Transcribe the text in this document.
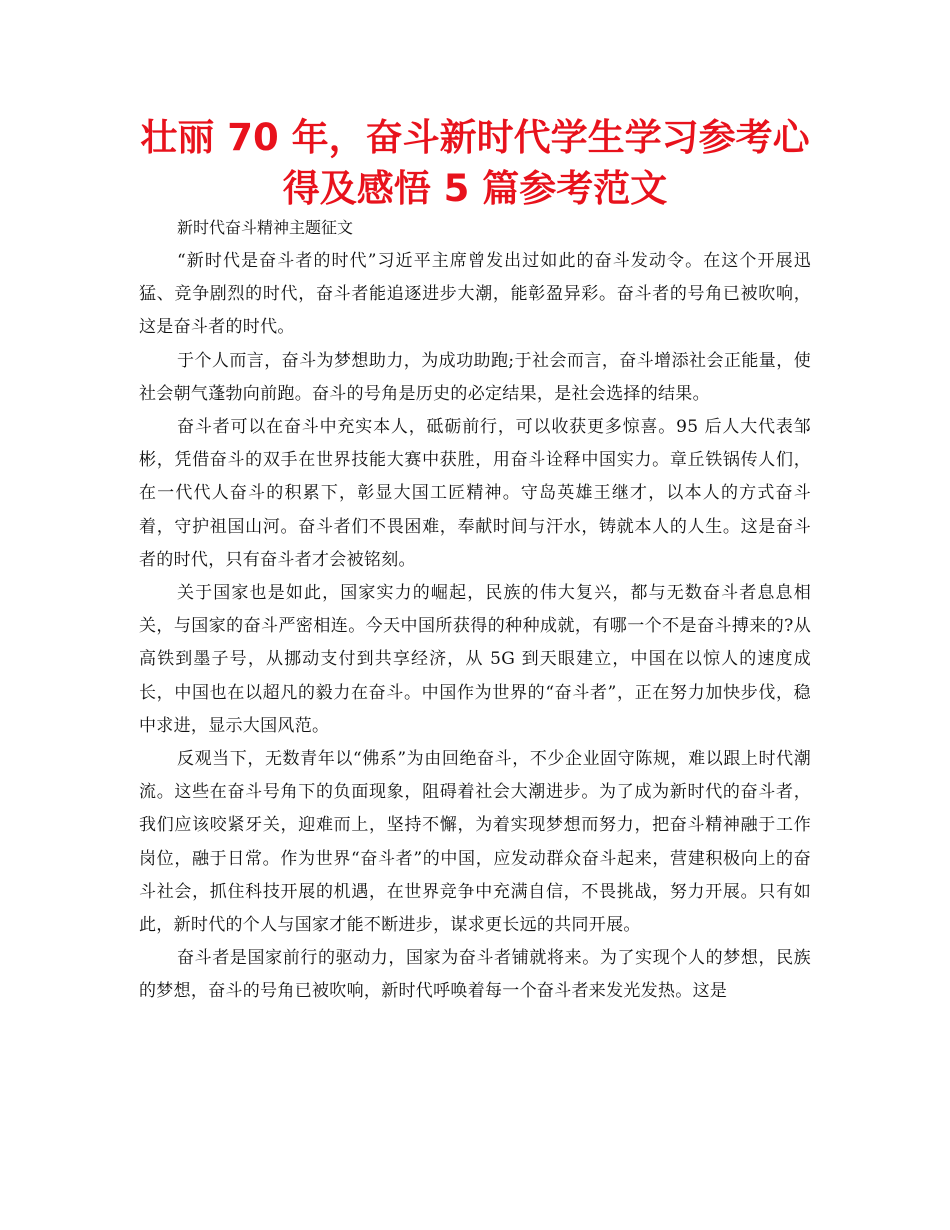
壮丽 70 年，奋斗新时代学生学习参考心得及感悟 5 篇参考范文

新时代奋斗精神主题征文

“新时代是奋斗者的时代”习近平主席曾发出过如此的奋斗发动令。在这个开展迅猛、竞争剧烈的时代，奋斗者能追逐进步大潮，能彰盈异彩。奋斗者的号角已被吹响，这是奋斗者的时代。

于个人而言，奋斗为梦想助力，为成功助跑;于社会而言，奋斗增添社会正能量，使社会朝气蓬勃向前跑。奋斗的号角是历史的必定结果，是社会选择的结果。

奋斗者可以在奋斗中充实本人，砥砺前行，可以收获更多惊喜。95 后人大代表邹彬，凭借奋斗的双手在世界技能大赛中获胜，用奋斗诠释中国实力。章丘铁锅传人们，在一代代人奋斗的积累下，彰显大国工匠精神。守岛英雄王继才，以本人的方式奋斗着，守护祖国山河。奋斗者们不畏困难，奉献时间与汗水，铸就本人的人生。这是奋斗者的时代，只有奋斗者才会被铭刻。

关于国家也是如此，国家实力的崛起，民族的伟大复兴，都与无数奋斗者息息相关，与国家的奋斗严密相连。今天中国所获得的种种成就，有哪一个不是奋斗搏来的?从高铁到墨子号，从挪动支付到共享经济，从 5G 到天眼建立，中国在以惊人的速度成长，中国也在以超凡的毅力在奋斗。中国作为世界的“奋斗者”，正在努力加快步伐，稳中求进，显示大国风范。

反观当下，无数青年以“佛系”为由回绝奋斗，不少企业固守陈规，难以跟上时代潮流。这些在奋斗号角下的负面现象，阻碍着社会大潮进步。为了成为新时代的奋斗者，我们应该咬紧牙关，迎难而上，坚持不懈，为着实现梦想而努力，把奋斗精神融于工作岗位，融于日常。作为世界“奋斗者”的中国，应发动群众奋斗起来，营建积极向上的奋斗社会，抓住科技开展的机遇，在世界竞争中充满自信，不畏挑战，努力开展。只有如此，新时代的个人与国家才能不断进步，谋求更长远的共同开展。

奋斗者是国家前行的驱动力，国家为奋斗者铺就将来。为了实现个人的梦想，民族的梦想，奋斗的号角已被吹响，新时代呼唤着每一个奋斗者来发光发热。这是
